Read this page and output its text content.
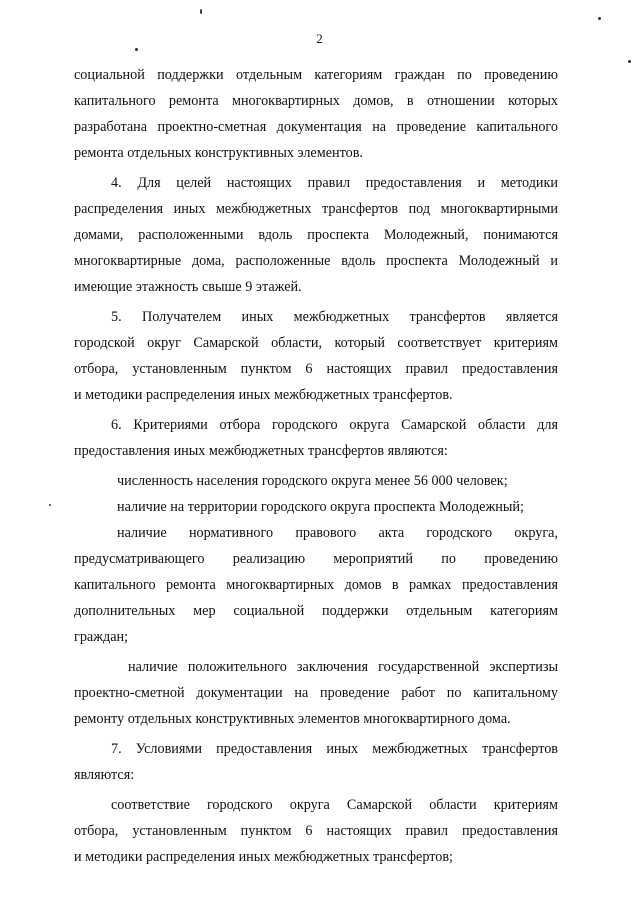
2
социальной поддержки отдельным категориям граждан по проведению
капитального ремонта многоквартирных домов, в отношении которых
разработана проектно-сметная документация на проведение капитального
ремонта отдельных конструктивных элементов.
4. Для целей настоящих правил предоставления и методики
распределения иных межбюджетных трансфертов под многоквартирными
домами, расположенными вдоль проспекта Молодежный, понимаются
многоквартирные дома, расположенные вдоль проспекта Молодежный и
имеющие этажность свыше 9 этажей.
5. Получателем иных межбюджетных трансфертов является
городской округ Самарской области, который соответствует критериям
отбора, установленным пунктом 6 настоящих правил предоставления
и методики распределения иных межбюджетных трансфертов.
6. Критериями отбора городского округа Самарской области для
предоставления иных межбюджетных трансфертов являются:
численность населения городского округа менее 56 000 человек;
наличие на территории городского округа проспекта Молодежный;
наличие нормативного правового акта городского округа,
предусматривающего реализацию мероприятий по проведению
капитального ремонта многоквартирных домов в рамках предоставления
дополнительных мер социальной поддержки отдельным категориям
граждан;
наличие положительного заключения государственной экспертизы
проектно-сметной документации на проведение работ по капитальному
ремонту отдельных конструктивных элементов многоквартирного дома.
7. Условиями предоставления иных межбюджетных трансфертов
являются:
соответствие городского округа Самарской области критериям
отбора, установленным пунктом 6 настоящих правил предоставления
и методики распределения иных межбюджетных трансфертов;
